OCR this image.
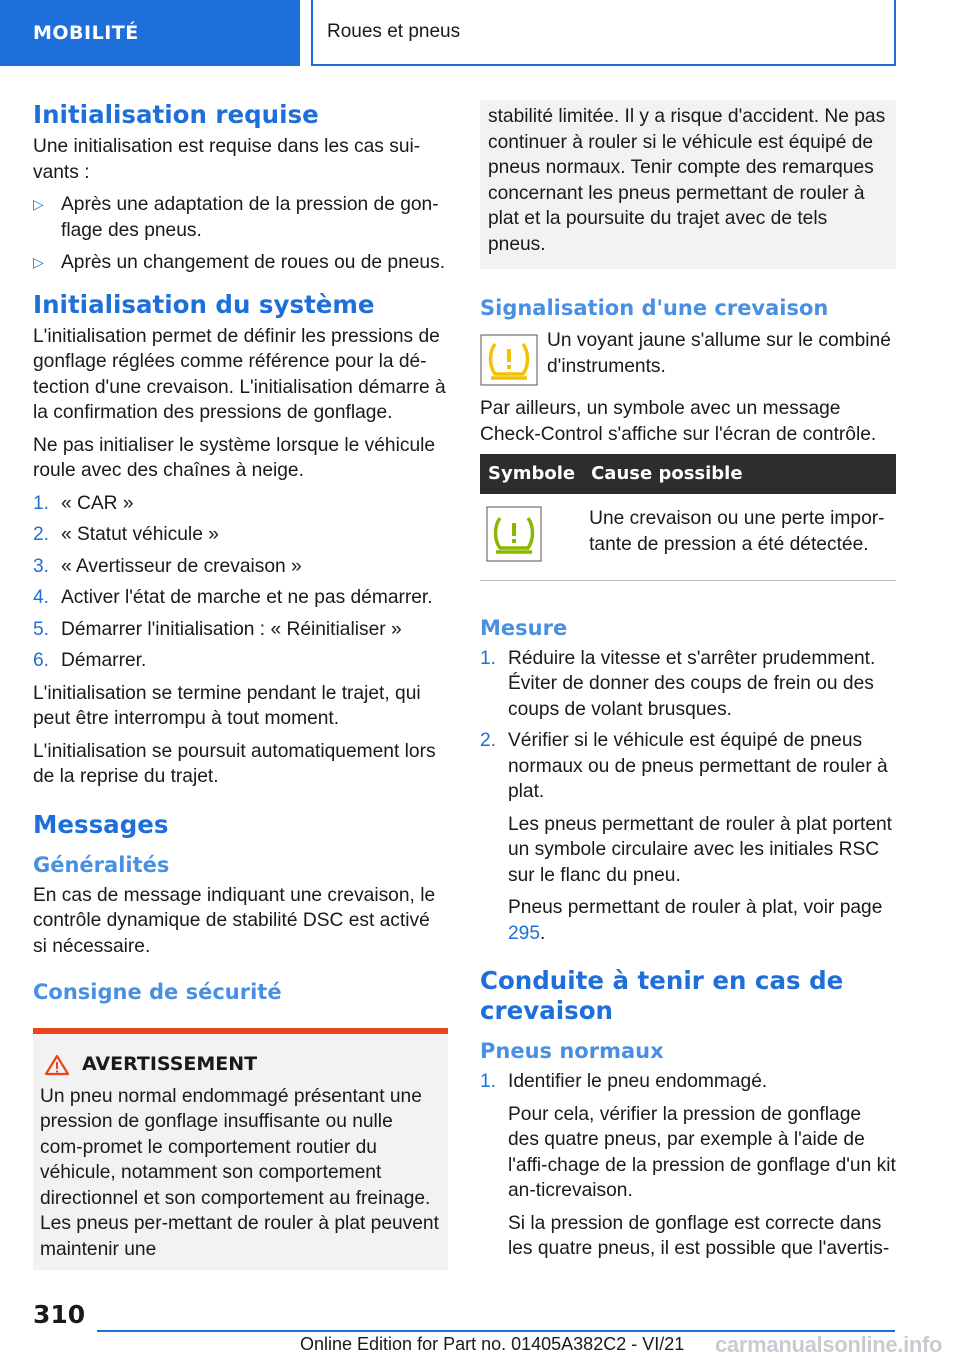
MOBILITÉ	Roues et pneus
Initialisation requise

Une initialisation est requise dans les cas sui-vants :

▷ Après une adaptation de la pression de gon-flage des pneus.
▷ Après un changement de roues ou de pneus.
Initialisation du système

L'initialisation permet de définir les pressions de gonflage réglées comme référence pour la dé-tection d'une crevaison. L'initialisation démarre à la confirmation des pressions de gonflage.

Ne pas initialiser le système lorsque le véhicule roule avec des chaînes à neige.

1. « CAR »
2. « Statut véhicule »
3. « Avertisseur de crevaison »
4. Activer l'état de marche et ne pas démarrer.
5. Démarrer l'initialisation : « Réinitialiser »
6. Démarrer.

L'initialisation se termine pendant le trajet, qui peut être interrompu à tout moment.

L'initialisation se poursuit automatiquement lors de la reprise du trajet.

Messages
Généralités

En cas de message indiquant une crevaison, le contrôle dynamique de stabilité DSC est activé si nécessaire.

Consigne de sécurité
AVERTISSEMENT

Un pneu normal endommagé présentant une pression de gonflage insuffisante ou nulle com-promet le comportement routier du véhicule, notamment son comportement directionnel et son comportement au freinage. Les pneus per-mettant de rouler à plat peuvent maintenir une

stabilité limitée. Il y a risque d'accident. Ne pas continuer à rouler si le véhicule est équipé de pneus normaux. Tenir compte des remarques concernant les pneus permettant de rouler à plat et la poursuite du trajet avec de tels pneus.

Signalisation d'une crevaison
Un voyant jaune s'allume sur le combiné d'instruments.

Par ailleurs, un symbole avec un message Check-Control s'affiche sur l'écran de contrôle.

Symbole	Cause possible
	Une crevaison ou une perte impor-tante de pression a été détectée.
Mesure
1. Réduire la vitesse et s'arrêter prudemment. Éviter de donner des coups de frein ou des coups de volant brusques.
2. Vérifier si le véhicule est équipé de pneus normaux ou de pneus permettant de rouler à plat.
Les pneus permettant de rouler à plat portent un symbole circulaire avec les initiales RSC sur le flanc du pneu.
Pneus permettant de rouler à plat, voir page 295.
Conduite à tenir en cas de crevaison
Pneus normaux
1. Identifier le pneu endommagé.
Pour cela, vérifier la pression de gonflage des quatre pneus, par exemple à l'aide de l'affi-chage de la pression de gonflage d'un kit an-ticrevaison.
Si la pression de gonflage est correcte dans les quatre pneus, il est possible que l'avertis-
310
Online Edition for Part no. 01405A382C2 - VI/21 carmanualsonline.info
